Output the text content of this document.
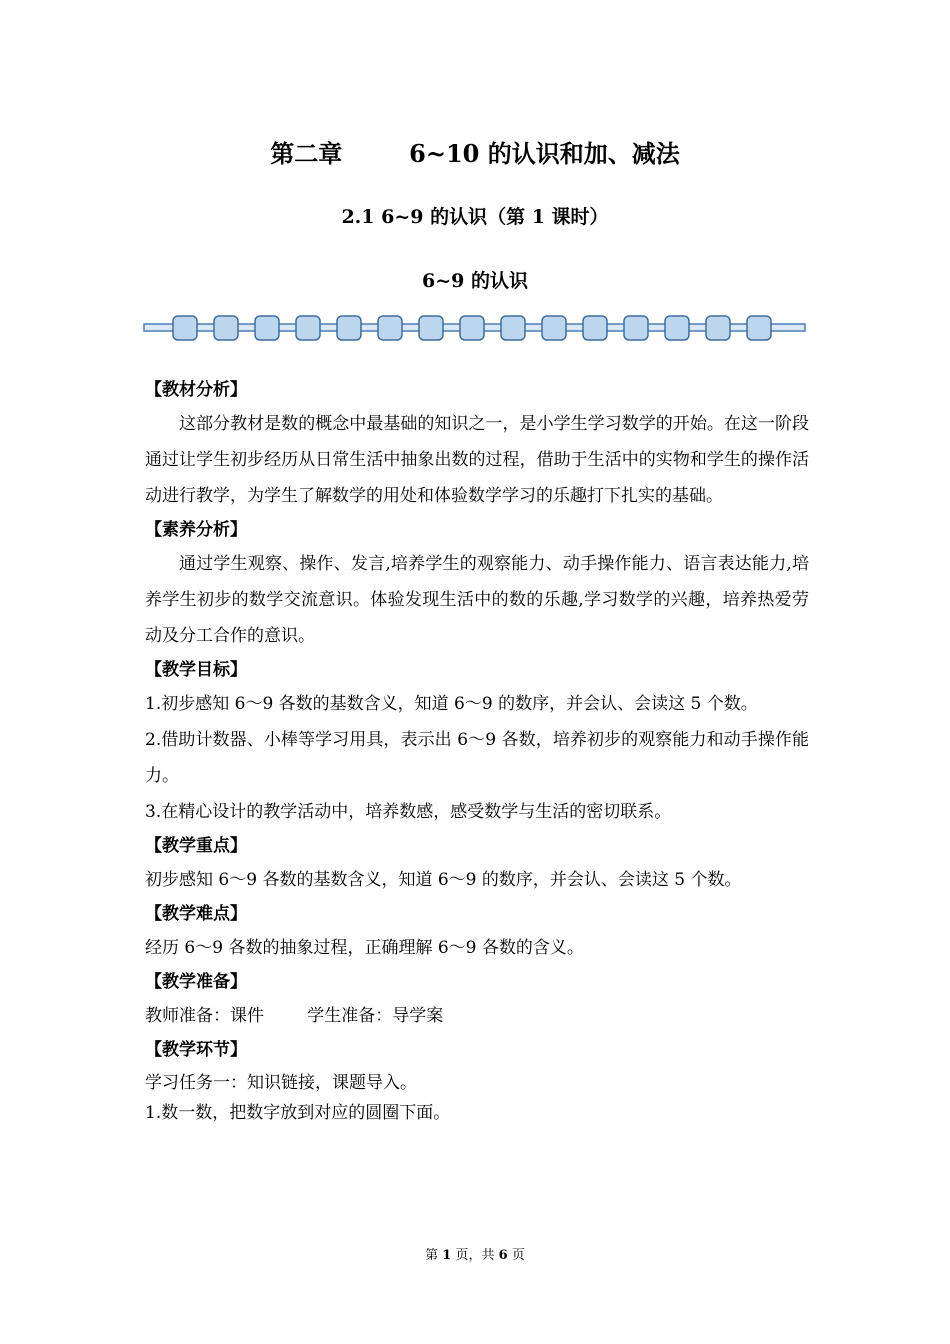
第二章        6~10 的认识和加、减法
2.1 6~9 的认识（第 1 课时）
6~9 的认识
【教材分析】
这部分教材是数的概念中最基础的知识之一，是小学生学习数学的开始。在这一阶段通过让学生初步经历从日常生活中抽象出数的过程，借助于生活中的实物和学生的操作活动进行教学，为学生了解数学的用处和体验数学学习的乐趣打下扎实的基础。
【素养分析】
通过学生观察、操作、发言,培养学生的观察能力、动手操作能力、语言表达能力,培养学生初步的数学交流意识。体验发现生活中的数的乐趣,学习数学的兴趣，培养热爱劳动及分工合作的意识。
【教学目标】
1.初步感知 6～9 各数的基数含义，知道 6～9 的数序，并会认、会读这 5 个数。
2.借助计数器、小棒等学习用具，表示出 6～9 各数，培养初步的观察能力和动手操作能力。
3.在精心设计的教学活动中，培养数感，感受数学与生活的密切联系。
【教学重点】
初步感知 6～9 各数的基数含义，知道 6～9 的数序，并会认、会读这 5 个数。
【教学难点】
经历 6～9 各数的抽象过程，正确理解 6～9 各数的含义。
【教学准备】
教师准备：课件        学生准备：导学案
【教学环节】
学习任务一：知识链接，课题导入。
1.数一数，把数字放到对应的圆圈下面。
第 1 页，共 6 页
